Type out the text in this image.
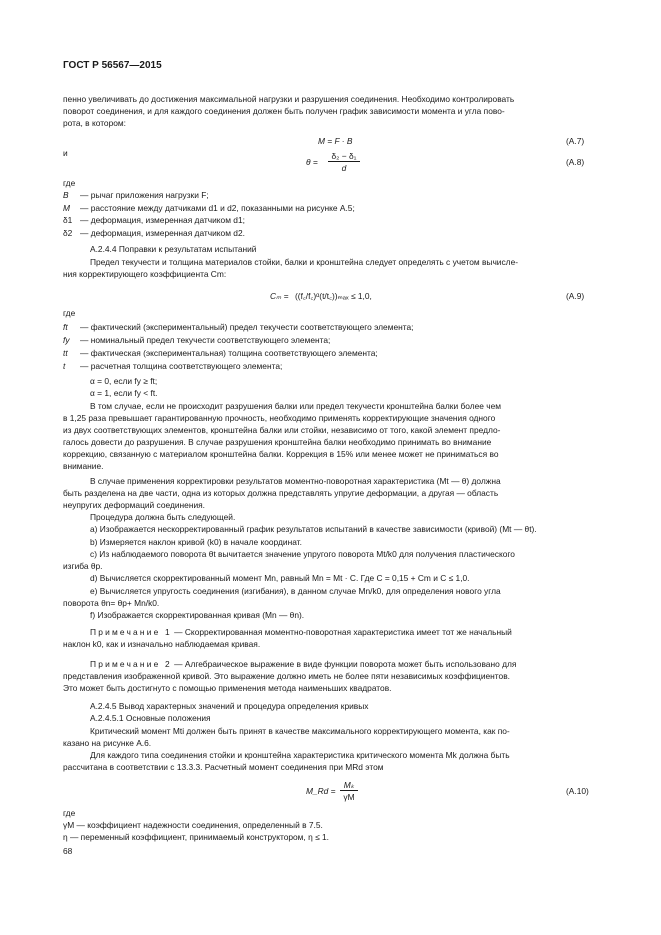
ГОСТ Р 56567—2015
пенно увеличивать до достижения максимальной нагрузки и разрушения соединения. Необходимо контролировать
поворот соединения, и для каждого соединения должен быть получен график зависимости момента и угла пово-
рота, в котором:
M = F · B	(А.7)
и
$\theta = \frac{\text{δ₂ − δ₁}}{d}$	(А.8)
где
B — рычаг приложения нагрузки F;
M — расстояние между датчиками d1 и d2, показанными на рисунке А.5;
δ1 — деформация, измеренная датчиком d1;
δ2 — деформация, измеренная датчиком d2.
А.2.4.4 Поправки к результатам испытаний
Предел текучести и толщина материалов стойки, балки и кронштейна следует определять с учетом вычисле-
ния корректирующего коэффициента Cm:
Cₘ = ((f꜀/f꜀)ᵅ(t/t꜀))ₘₐₓ ≤ 1,0,	(А.9)
где
ft — фактический (экспериментальный) предел текучести соответствующего элемента;
fy — номинальный предел текучести соответствующего элемента;
tt — фактическая (экспериментальная) толщина соответствующего элемента;
t — расчетная толщина соответствующего элемента;
α = 0, если fy ≥ ft;
α = 1, если fy < ft.
В том случае, если не происходит разрушения балки или предел текучести кронштейна балки более чем
в 1,25 раза превышает гарантированную прочность, необходимо применять корректирующие значения одного
из двух соответствующих элементов, кронштейна балки или стойки, независимо от того, какой элемент предло-
галось довести до разрушения. В случае разрушения кронштейна балки необходимо принимать во внимание
коррекцию, связанную с материалом кронштейна балки. Коррекция в 15% или менее может не приниматься во
внимание.
В случае применения корректировки результатов моментно-поворотная характеристика (Mt — θ) должна
быть разделена на две части, одна из которых должна представлять упругие деформации, а другая — область
неупругих деформаций соединения.
Процедура должна быть следующей.
а) Изображается нескорректированный график результатов испытаний в качестве зависимости (кривой) (Mt — θt).
b) Измеряется наклон кривой (k0) в начале координат.
c) Из наблюдаемого поворота θt вычитается значение упругого поворота Mt/k0 для получения пластического
изгиба θp.
d) Вычисляется скорректированный момент Mn, равный Mn = Mt · C. Где C = 0,15 + Cm и C ≤ 1,0.
e) Вычисляется упругость соединения (изгибания), в данном случае Mn/k0, для определения нового угла
поворота θn= θp+ Mn/k0.
f) Изображается скорректированная кривая (Mn — θn).
Примечание 1 — Скорректированная моментно-поворотная характеристика имеет тот же начальный
наклон k0, как и изначально наблюдаемая кривая.
Примечание 2 — Алгебраическое выражение в виде функции поворота может быть использовано для
представления изображенной кривой. Это выражение должно иметь не более пяти независимых коэффициентов.
Это может быть достигнуто с помощью применения метода наименьших квадратов.
А.2.4.5 Вывод характерных значений и процедура определения кривых
А.2.4.5.1 Основные положения
Критический момент Mti должен быть принят в качестве максимального корректирующего момента, как по-
казано на рисунке А.6.
Для каждого типа соединения стойки и кронштейна характеристика критического момента Mk должна быть
рассчитана в соответствии с 13.3.3. Расчетный момент соединения при MRd этом
M_Rd = $\frac{\text{Mₖ}}{\gamma M}$	(А.10)
где
γM — коэффициент надежности соединения, определенный в 7.5.
η — переменный коэффициент, принимаемый конструктором, η ≤ 1.
68
